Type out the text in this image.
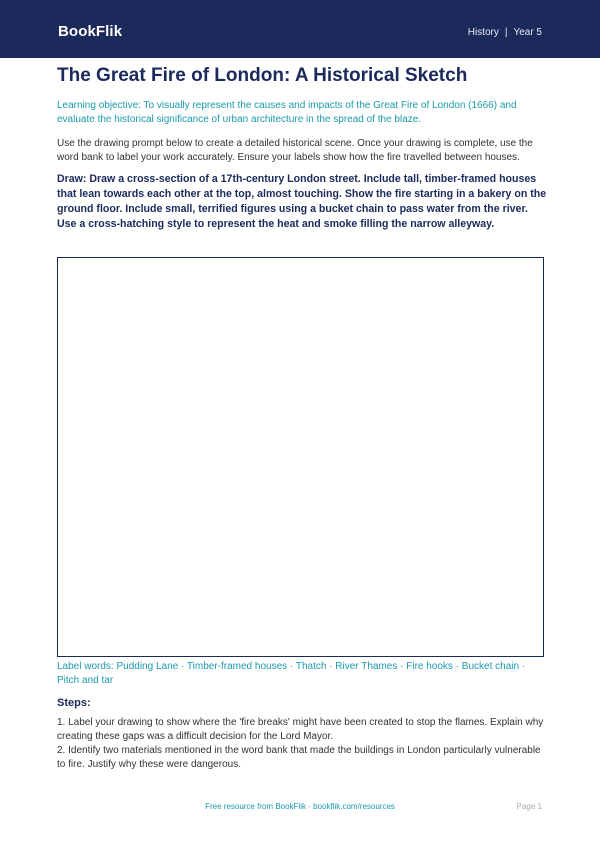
BookFlik	History | Year 5
The Great Fire of London: A Historical Sketch
Learning objective: To visually represent the causes and impacts of the Great Fire of London (1666) and evaluate the historical significance of urban architecture in the spread of the blaze.
Use the drawing prompt below to create a detailed historical scene. Once your drawing is complete, use the word bank to label your work accurately. Ensure your labels show how the fire travelled between houses.
Draw: Draw a cross-section of a 17th-century London street. Include tall, timber-framed houses that lean towards each other at the top, almost touching. Show the fire starting in a bakery on the ground floor. Include small, terrified figures using a bucket chain to pass water from the river. Use a cross-hatching style to represent the heat and smoke filling the narrow alleyway.
Label words: Pudding Lane · Timber-framed houses · Thatch · River Thames · Fire hooks · Bucket chain · Pitch and tar
Steps:
1. Label your drawing to show where the 'fire breaks' might have been created to stop the flames. Explain why creating these gaps was a difficult decision for the Lord Mayor.
2. Identify two materials mentioned in the word bank that made the buildings in London particularly vulnerable to fire. Justify why these were dangerous.
Free resource from BookFlik · bookflik.com/resources	Page 1
